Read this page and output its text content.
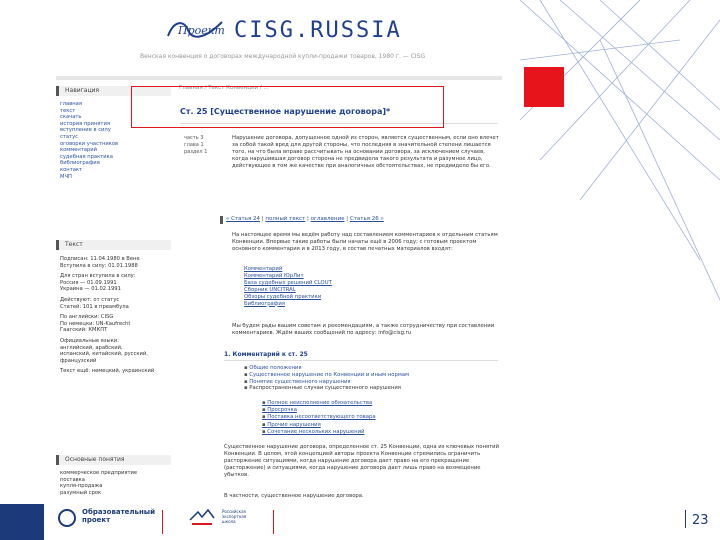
Проект CISG.RUSSIA
Венская конвенция о договорах международной купли-продажи товаров, 1980 г. — CISG
Навигация
главная
текст
скачать
история принятия
вступление в силу
статус
оговорки участников
комментарий
судебная практика
библиография
контакт
МЧП
Текст
Подписан: 11.04.1980 в Вене
Вступила в силу: 01.01.1988
Для стран вступила в силу:
Россия — 01.09.1991
Украина — 01.02.1991
Действуют: от статус
Статей: 101 в преамбула
По английски: CISG
По немецки: UN-Kaufrecht
Гаагский: КМКПТ
Официальные языки:
английский, арабский,
испанский, китайский, русский,
французский
Текст ещё: немецкий, украинский
Основные понятия
коммерческое предприятие
поставка
купля-продажа
разумный срок
Главная / Текст Конвенции / ...
Ст. 25 [Существенное нарушение договора]*
часть 3
глава 1
раздел 1
Нарушение договора, допущенное одной из сторон, является существенным, если оно влечет за собой такой вред для другой стороны, что последняя в значительной степени лишается того, на что была вправе рассчитывать на основании договора, за исключением случаев, когда нарушившая договор сторона не предвидела такого результата и разумное лицо, действующее в том же качестве при аналогичных обстоятельствах, не предвидело бы его.
« Статья 24 | полный текст | оглавление | Статья 26 »
На настоящее время мы ведём работу над составлением комментариев к отдельным статьям Конвенции. Впервые такие работы были начаты ещё в 2006 году; с готовым проектом основного комментария и в 2013 году, в состав печатных материалов входят:
Комментарий
Комментарий ЮрЛит
База судебных решений CLOUT
Сборник UNCITRAL
Обзоры судебной практики
Библиография
Мы будем рады вашим советам и рекомендациям, а также сотрудничеству при составлении комментариев. Ждём ваших сообщений по адресу: info@cisg.ru
1. Комментарий к ст. 25
▪ Общие положения
▪ Существенное нарушение по Конвенции и иным нормам
▪ Понятие существенного нарушения
▪ Распространенные случаи существенного нарушения
▪ Полное неисполнение обязательства
▪ Просрочка
▪ Поставка несоответствующего товара
▪ Прочие нарушения
▪ Сочетание нескольких нарушений
Существенное нарушение договора, определенное ст. 25 Конвенции, одна из ключевых понятий Конвенции. В целом, этой концепцией авторы проекта Конвенции стремились ограничить расторжение ситуациями, когда нарушение договора дает право на его прекращение (расторжение) и ситуациями, когда нарушение договора дает лишь право на возмещение убытков.
В частности, существенное нарушение договора.
Образовательный
проект
Российская экспортная школа	23
